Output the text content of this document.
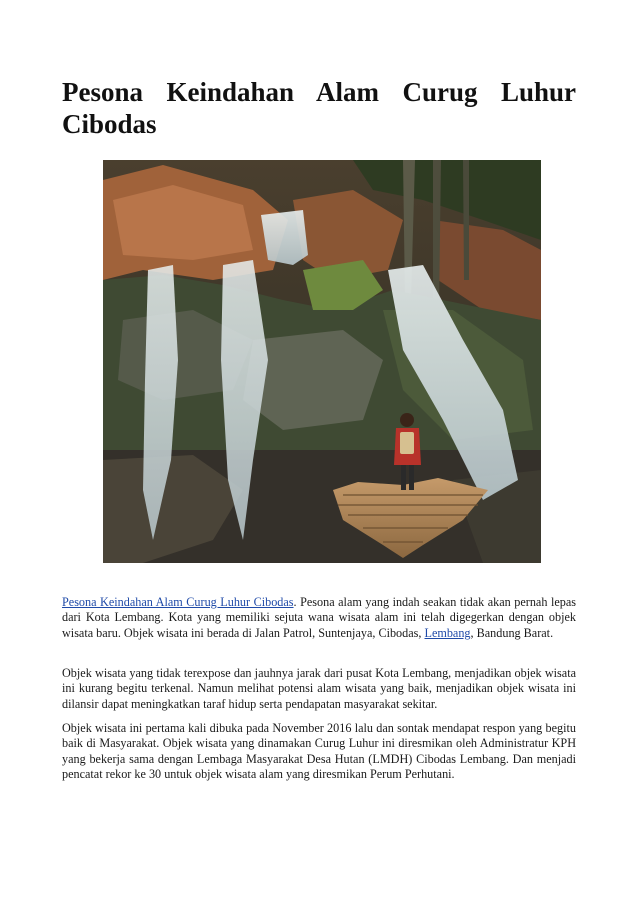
Pesona Keindahan Alam Curug Luhur
Cibodas

Pesona Keindahan Alam Curug Luhur Cibodas. Pesona alam yang indah seakan tidak akan pernah lepas dari Kota Lembang. Kota yang memiliki sejuta wana wisata alam ini telah digegerkan dengan objek wisata baru. Objek wisata ini berada di Jalan Patrol, Suntenjaya, Cibodas, Lembang, Bandung Barat.

Objek wisata yang tidak terexpose dan jauhnya jarak dari pusat Kota Lembang, menjadikan objek wisata ini kurang begitu terkenal. Namun melihat potensi alam wisata yang baik, menjadikan objek wisata ini dilansir dapat meningkatkan taraf hidup serta pendapatan masyarakat sekitar.

Objek wisata ini pertama kali dibuka pada November 2016 lalu dan sontak mendapat respon yang begitu baik di Masyarakat. Objek wisata yang dinamakan Curug Luhur ini diresmikan oleh Administratur KPH yang bekerja sama dengan Lembaga Masyarakat Desa Hutan (LMDH) Cibodas Lembang. Dan menjadi pencatat rekor ke 30 untuk objek wisata alam yang diresmikan Perum Perhutani.
